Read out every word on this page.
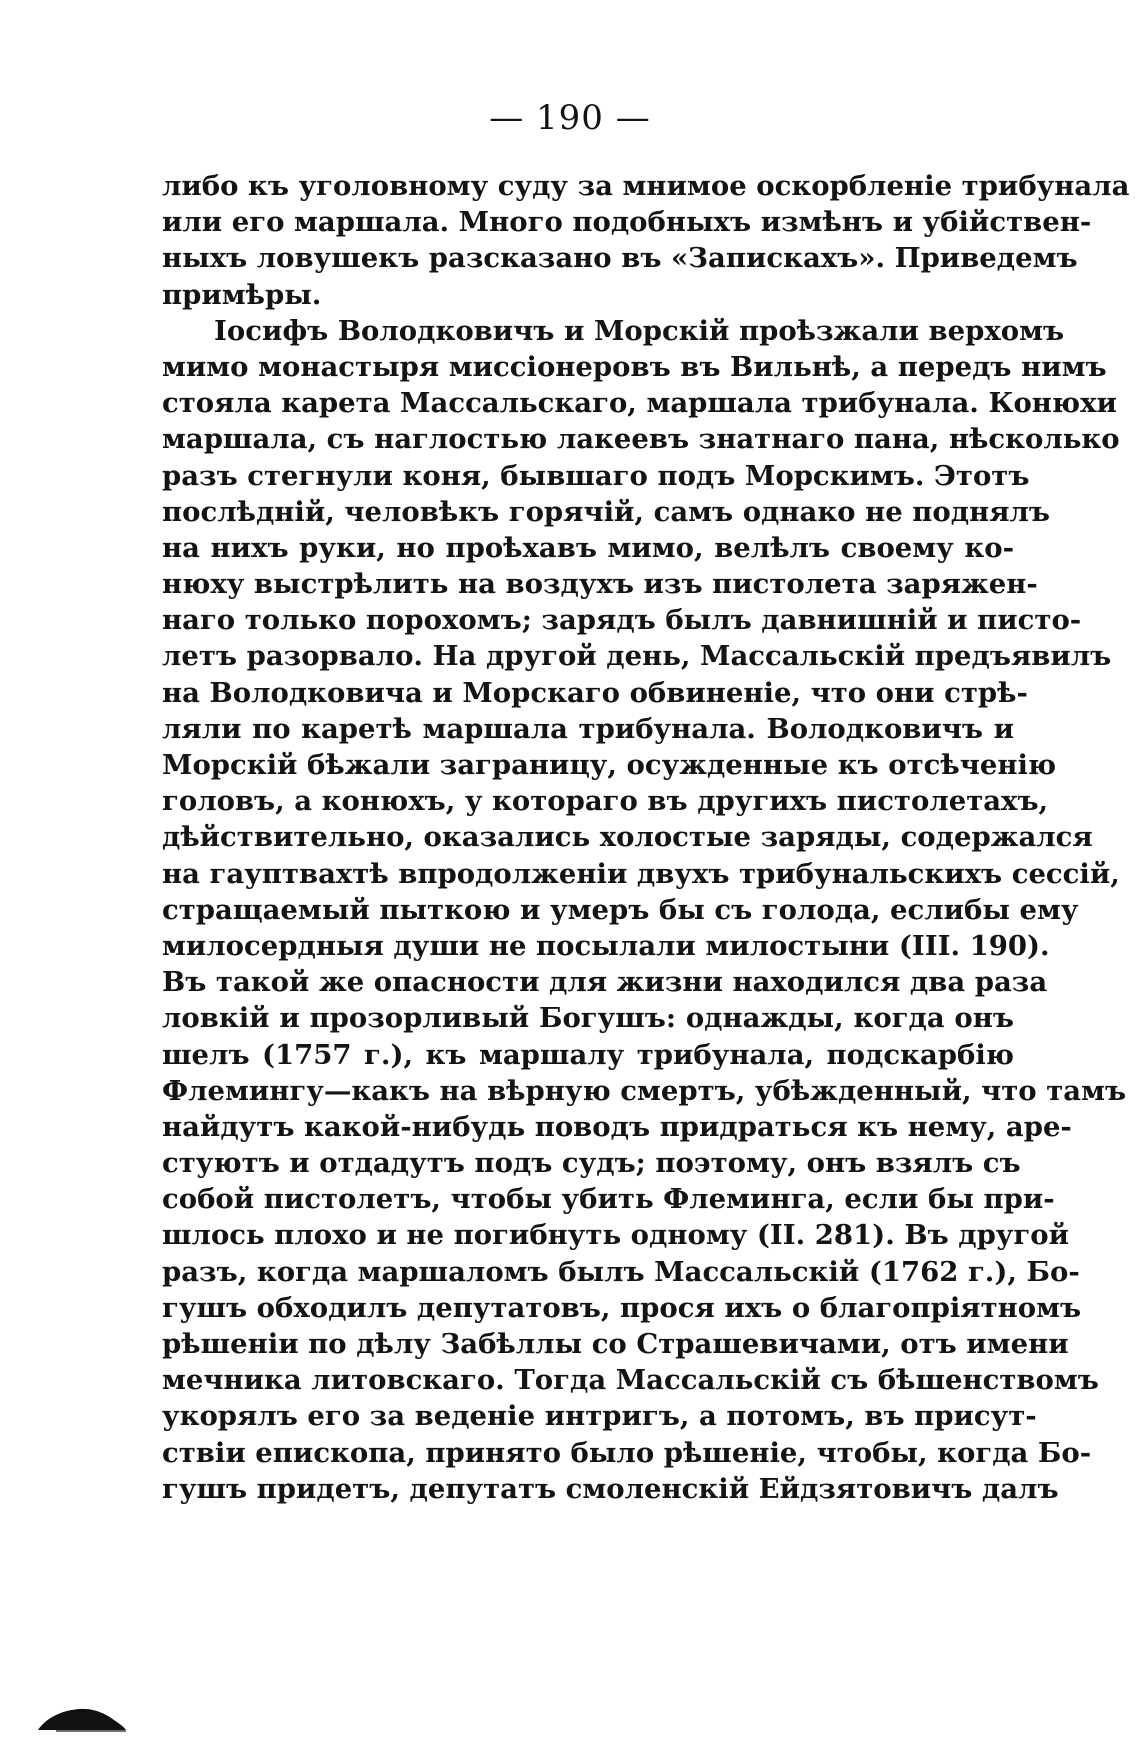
— 190 —
либо къ уголовному суду за мнимое оскорбленіе трибунала
или его маршала. Много подобныхъ измѣнъ и убійствен-
ныхъ ловушекъ разсказано въ «Запискахъ». Приведемъ
примѣры.
Іосифъ Володковичъ и Морскій проѣзжали верхомъ
мимо монастыря миссіонеровъ въ Вильнѣ, а передъ нимъ
стояла карета Массальскаго, маршала трибунала. Конюхи
маршала, съ наглостью лакеевъ знатнаго пана, нѣсколько
разъ стегнули коня, бывшаго подъ Морскимъ. Этотъ
послѣдній, человѣкъ горячій, самъ однако не поднялъ
на нихъ руки, но проѣхавъ мимо, велѣлъ своему ко-
нюху выстрѣлить на воздухъ изъ пистолета заряжен-
наго только порохомъ; зарядъ былъ давнишній и писто-
летъ разорвало. На другой день, Массальскій предъявилъ
на Володковича и Морскаго обвиненіе, что они стрѣ-
ляли по каретѣ маршала трибунала. Володковичъ и
Морскій бѣжали заграницу, осужденные къ отсѣченію
головъ, а конюхъ, у котораго въ другихъ пистолетахъ,
дѣйствительно, оказались холостые заряды, содержался
на гауптвахтѣ впродолженіи двухъ трибунальскихъ сессій,
стращаемый пыткою и умеръ бы съ голода, еслибы ему
милосердныя души не посылали милостыни (III. 190).
Въ такой же опасности для жизни находился два раза
ловкій и прозорливый Богушъ: однажды, когда онъ
шелъ (1757 г.), къ маршалу трибунала, подскарбію
Флемингу—какъ на вѣрную смертъ, убѣжденный, что тамъ
найдутъ какой-нибудь поводъ придраться къ нему, аре-
стуютъ и отдадутъ подъ судъ; поэтому, онъ взялъ съ
собой пистолетъ, чтобы убить Флеминга, если бы при-
шлось плохо и не погибнуть одному (II. 281). Въ другой
разъ, когда маршаломъ былъ Массальскій (1762 г.), Бо-
гушъ обходилъ депутатовъ, прося ихъ о благопріятномъ
рѣшеніи по дѣлу Забѣллы со Страшевичами, отъ имени
мечника литовскаго. Тогда Массальскій съ бѣшенствомъ
укорялъ его за веденіе интригъ, а потомъ, въ присут-
ствіи епископа, принято было рѣшеніе, чтобы, когда Бо-
гушъ придетъ, депутатъ смоленскій Ейдзятовичъ далъ
